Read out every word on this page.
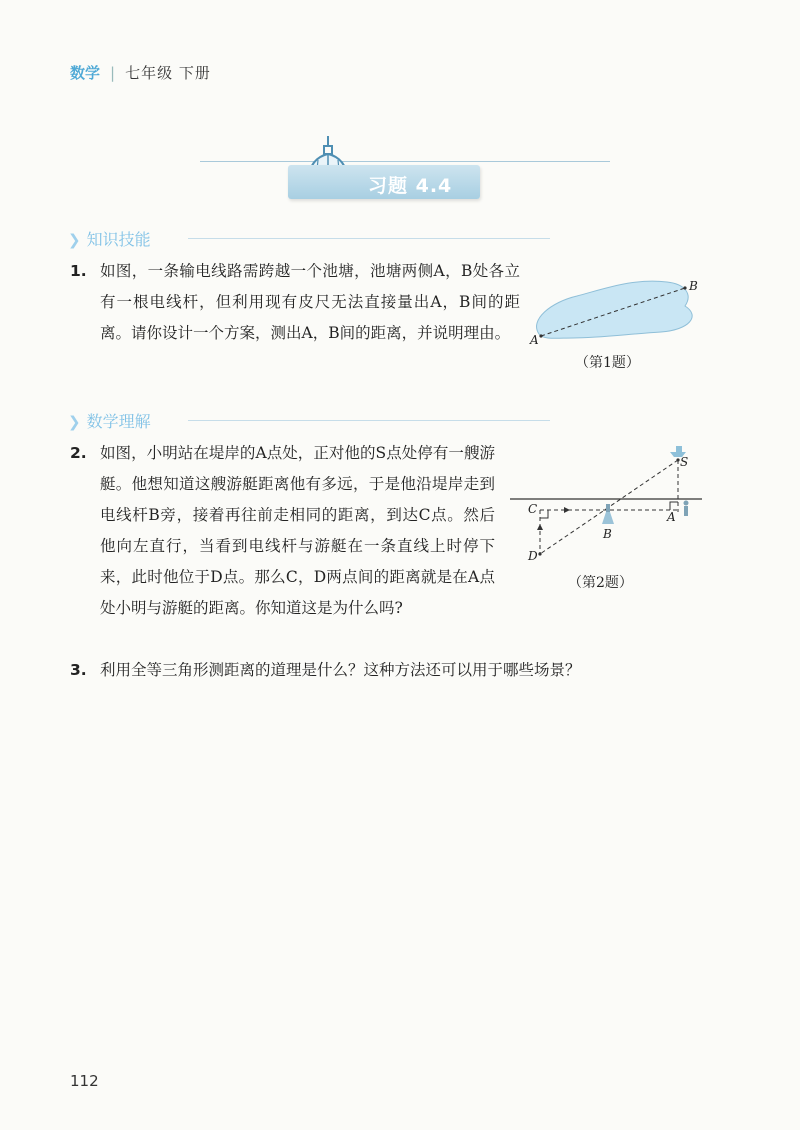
数学 | 七年级 下册
习题 4.4
❯ 知识技能
1. 如图，一条输电线路需跨越一个池塘，池塘两侧A，B处各立有一根电线杆，但利用现有皮尺无法直接量出A，B间的距离。请你设计一个方案，测出A，B间的距离，并说明理由。	A
B
（第1题）
❯ 数学理解
2. 如图，小明站在堤岸的A点处，正对他的S点处停有一艘游艇。他想知道这艘游艇距离他有多远，于是他沿堤岸走到电线杆B旁，接着再往前走相同的距离，到达C点。然后他向左直行，当看到电线杆与游艇在一条直线上时停下来，此时他位于D点。那么C，D两点间的距离就是在A点处小明与游艇的距离。你知道这是为什么吗?
S
C
A
B
D
（第2题）
3. 利用全等三角形测距离的道理是什么？这种方法还可以用于哪些场景？
112
